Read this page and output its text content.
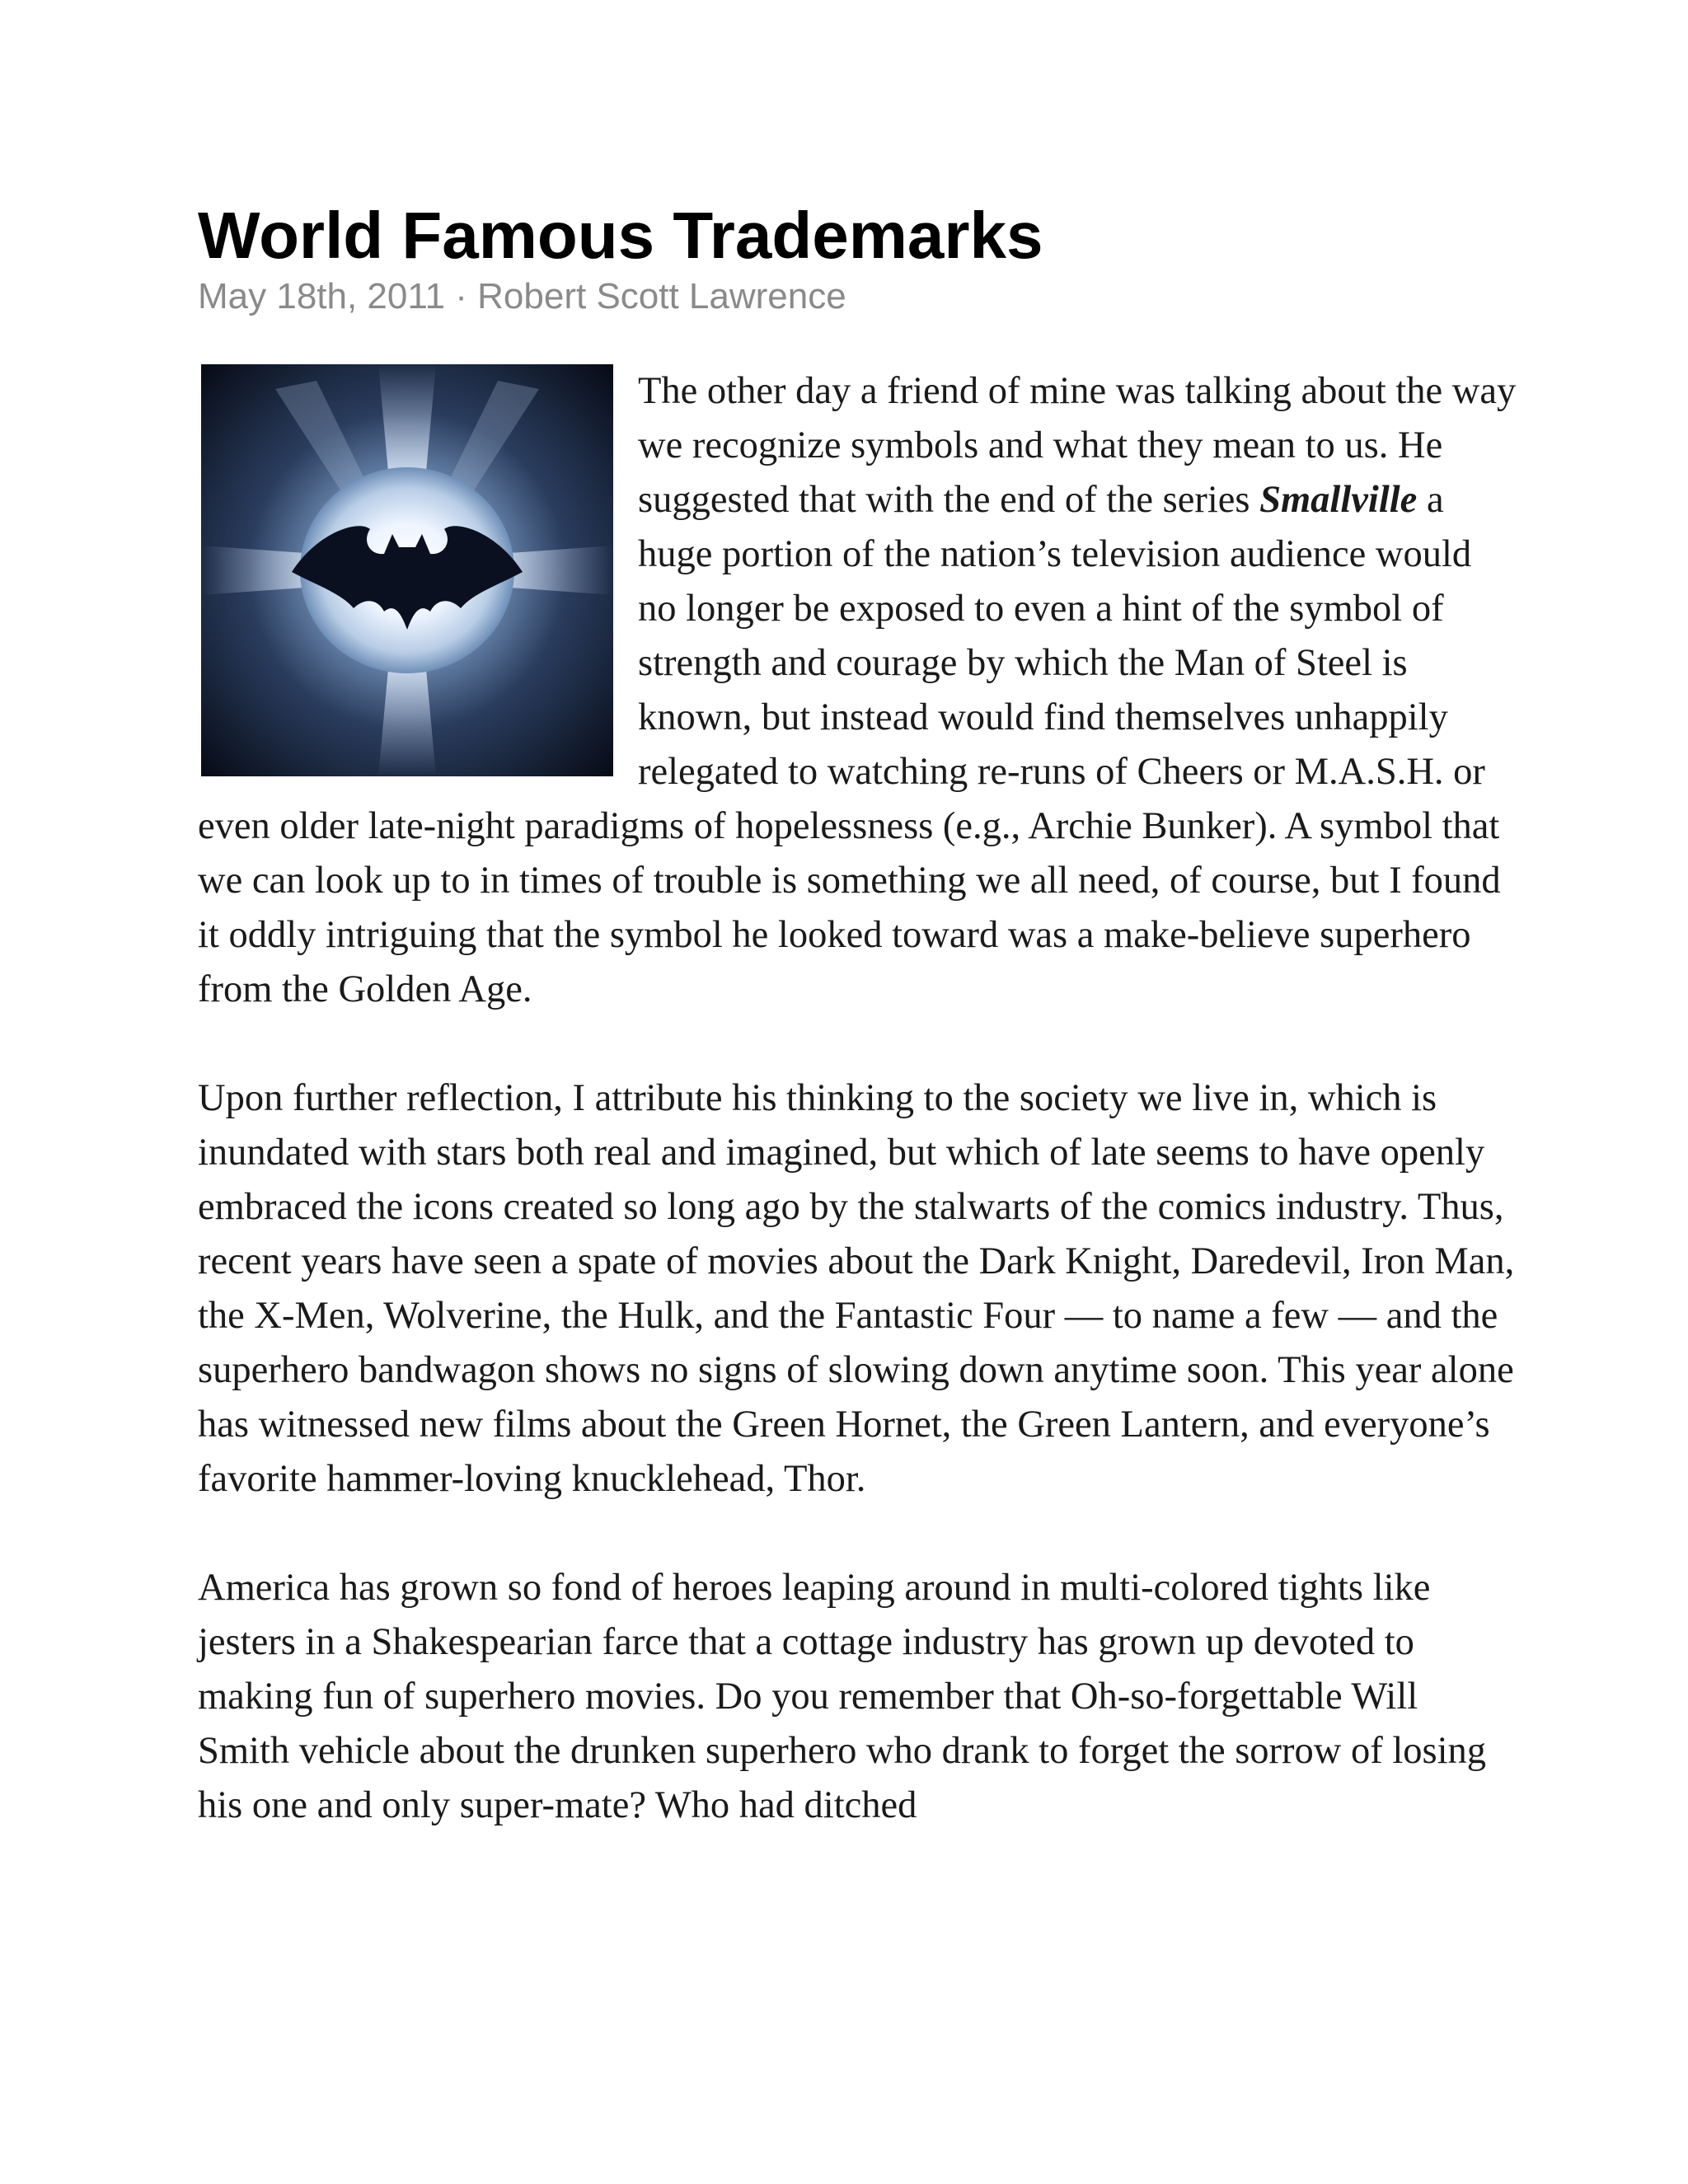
World Famous Trademarks
May 18th, 2011 · Robert Scott Lawrence

The other day a friend of mine was talking about the way we recognize symbols and what they mean to us. He suggested that with the end of the series Smallville a huge portion of the nation’s television audience would no longer be exposed to even a hint of the symbol of strength and courage by which the Man of Steel is known, but instead would find themselves unhappily relegated to watching re-runs of Cheers or M.A.S.H. or even older late-night paradigms of hopelessness (e.g., Archie Bunker). A symbol that we can look up to in times of trouble is something we all need, of course, but I found it oddly intriguing that the symbol he looked toward was a make-believe superhero from the Golden Age.

Upon further reflection, I attribute his thinking to the society we live in, which is inundated with stars both real and imagined, but which of late seems to have openly embraced the icons created so long ago by the stalwarts of the comics industry. Thus, recent years have seen a spate of movies about the Dark Knight, Daredevil, Iron Man, the X-Men, Wolverine, the Hulk, and the Fantastic Four — to name a few — and the superhero bandwagon shows no signs of slowing down anytime soon. This year alone has witnessed new films about the Green Hornet, the Green Lantern, and everyone’s favorite hammer-loving knucklehead, Thor.

America has grown so fond of heroes leaping around in multi-colored tights like jesters in a Shakespearian farce that a cottage industry has grown up devoted to making fun of superhero movies. Do you remember that Oh-so-forgettable Will Smith vehicle about the drunken superhero who drank to forget the sorrow of losing his one and only super-mate? Who had ditched
